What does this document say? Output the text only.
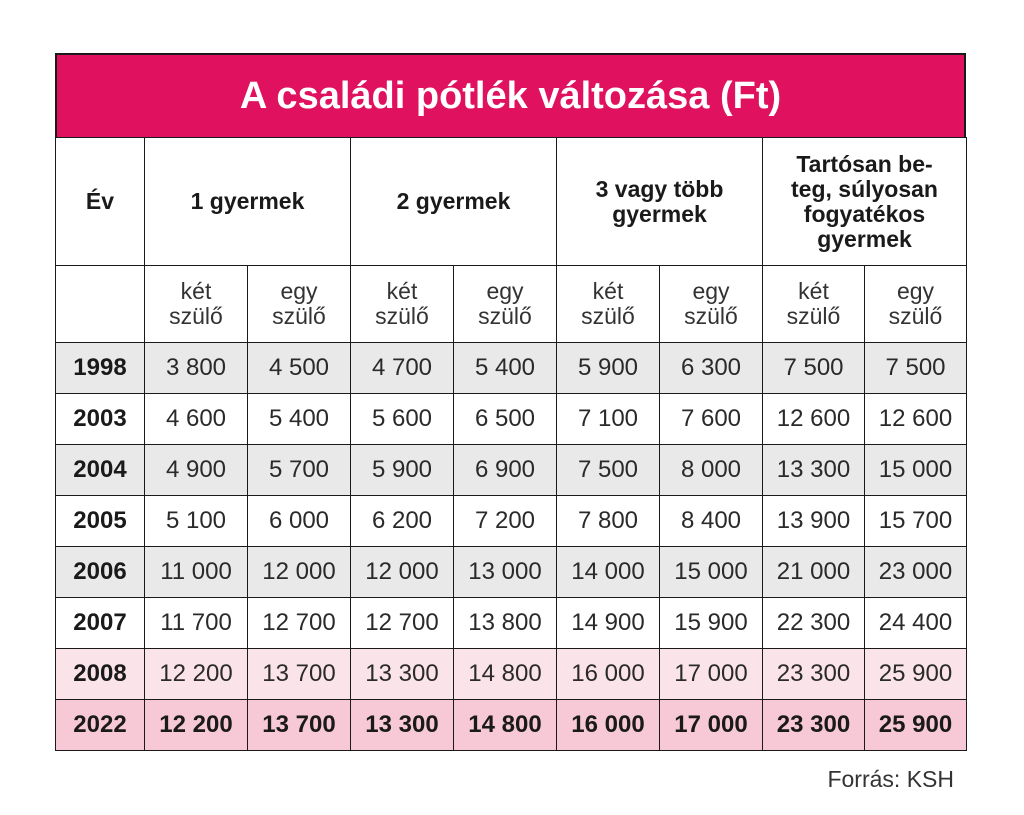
A családi pótlék változása (Ft)
Év	1 gyermek		2 gyermek		3 vagy több gyermek		Tartósan be-teg, súlyosan fogyatékos gyermek	
	két szülő	egy szülő	két szülő	egy szülő	két szülő	egy szülő	két szülő	egy szülő
1998	3 800	4 500	4 700	5 400	5 900	6 300	7 500	7 500
2003	4 600	5 400	5 600	6 500	7 100	7 600	12 600	12 600
2004	4 900	5 700	5 900	6 900	7 500	8 000	13 300	15 000
2005	5 100	6 000	6 200	7 200	7 800	8 400	13 900	15 700
2006	11 000	12 000	12 000	13 000	14 000	15 000	21 000	23 000
2007	11 700	12 700	12 700	13 800	14 900	15 900	22 300	24 400
2008	12 200	13 700	13 300	14 800	16 000	17 000	23 300	25 900
2022	12 200	13 700	13 300	14 800	16 000	17 000	23 300	25 900
Forrás: KSH
